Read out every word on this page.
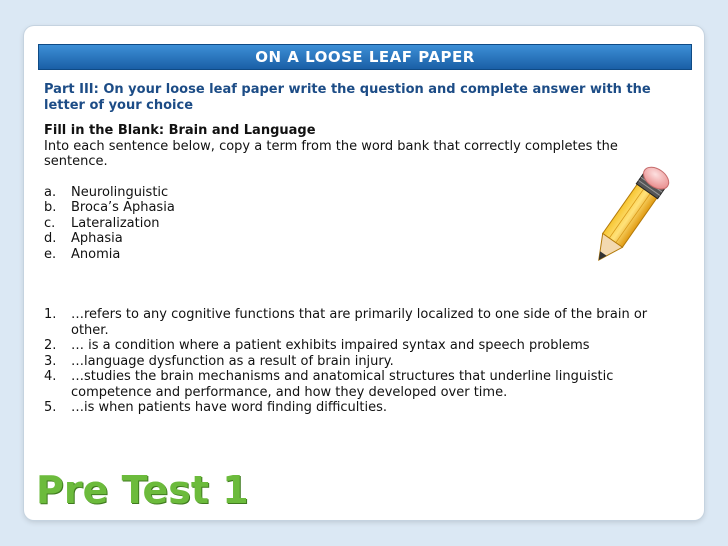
ON A LOOSE LEAF PAPER

Part III: On your loose leaf paper write the question and complete answer with the letter of your choice

Fill in the Blank: Brain and Language

Into each sentence below, copy a term from the word bank that correctly completes the sentence.

a.	Neurolinguistic
b.	Broca’s Aphasia
c.	Lateralization
d.	Aphasia
e.	Anomia
1.	…refers to any cognitive functions that are primarily localized to one side of the brain or other.
2.	… is a condition where a patient exhibits impaired syntax and speech problems
3.	…language dysfunction as a result of brain injury.
4.	…studies the brain mechanisms and anatomical structures that underline linguistic competence and performance, and how they developed over time.
5.	…is when patients have word finding difficulties.
Pre Test 1
